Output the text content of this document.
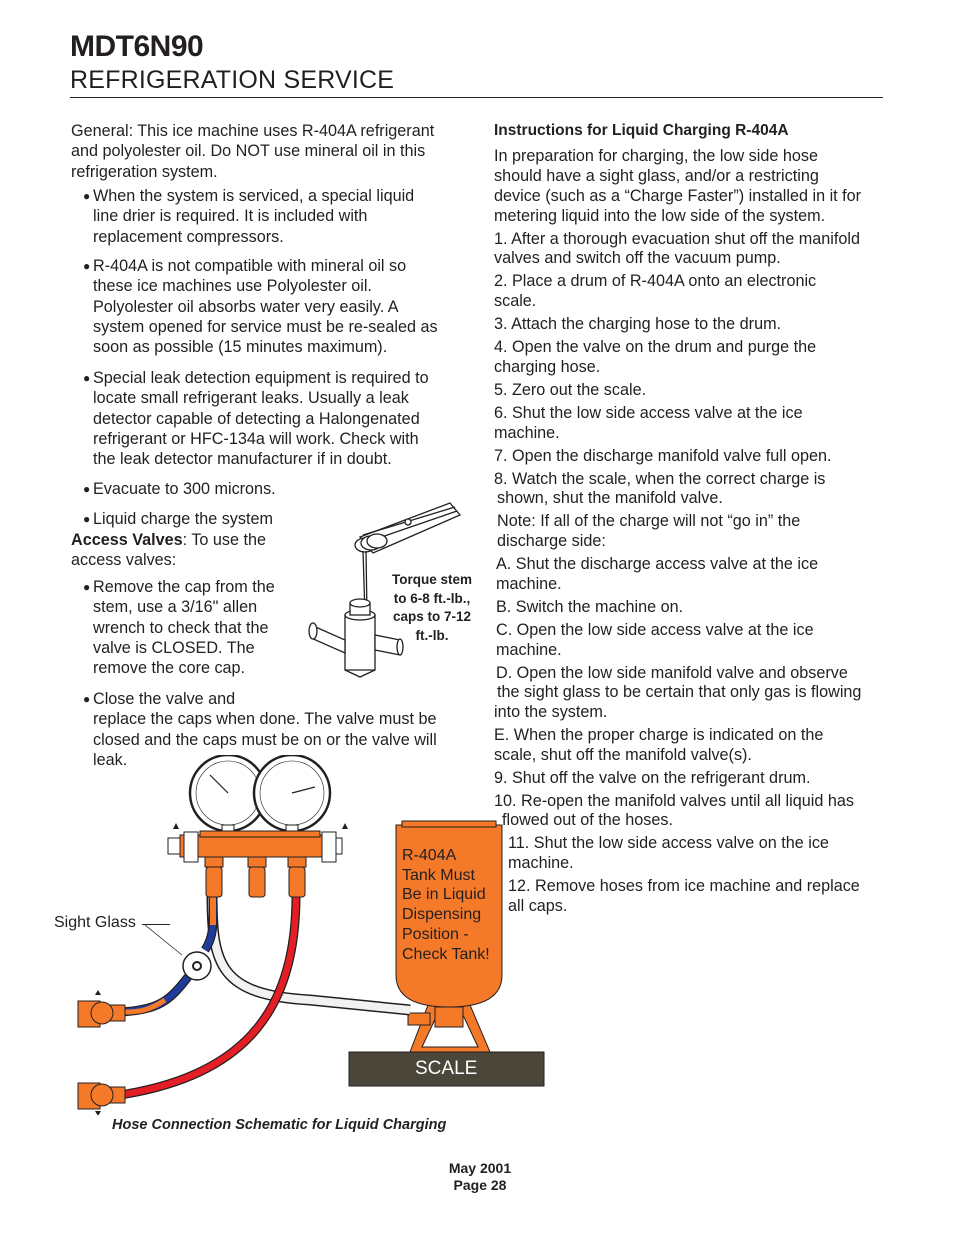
MDT6N90
REFRIGERATION SERVICE
General: This ice machine uses R-404A refrigerant
and polyolester oil. Do NOT use mineral oil in this
refrigeration system.
● When the system is serviced, a special liquid
line drier is required. It is included with
replacement compressors.
● R-404A is not compatible with mineral oil so
these ice machines use Polyolester oil.
Polyolester oil absorbs water very easily. A
system opened for service must be re-sealed as
soon as possible (15 minutes maximum).
● Special leak detection equipment is required to
locate small refrigerant leaks. Usually a leak
detector capable of detecting a Halongenated
refrigerant or HFC-134a will work. Check with
the leak detector manufacturer if in doubt.
● Evacuate to 300 microns.
● Liquid charge the system
Access Valves: To use the
access valves:
● Remove the cap from the
stem, use a 3/16" allen
wrench to check that the
valve is CLOSED. The
remove the core cap.
● Close the valve and
replace the caps when done. The valve must be
closed and the caps must be on or the valve will
leak.
Torque stem
to 6-8 ft.-lb.,
caps to 7-12
ft.-lb.
Instructions for Liquid Charging R-404A
In preparation for charging, the low side hose
should have a sight glass, and/or a restricting
device (such as a “Charge Faster”) installed in it for
metering liquid into the low side of the system.
1. After a thorough evacuation shut off the manifold
valves and switch off the vacuum pump.
2. Place a drum of R-404A onto an electronic
scale.
3. Attach the charging hose to the drum.
4. Open the valve on the drum and purge the
charging hose.
5. Zero out the scale.
6. Shut the low side access valve at the ice
machine.
7. Open the discharge manifold valve full open.
8. Watch the scale, when the correct charge is
shown, shut the manifold valve.
Note: If all of the charge will not “go in” the
discharge side:
A. Shut the discharge access valve at the ice
machine.
B. Switch the machine on.
C. Open the low side access valve at the ice
machine.
D. Open the low side manifold valve and observe
the sight glass to be certain that only gas is flowing
into the system.
E. When the proper charge is indicated on the
scale, shut off the manifold valve(s).
9. Shut off the valve on the refrigerant drum.
10. Re-open the manifold valves until all liquid has
flowed out of the hoses.
11. Shut the low side access valve on the ice
machine.
12. Remove hoses from ice machine and replace
all caps.
Sight Glass
R-404A
Tank Must
Be in Liquid
Dispensing
Position -
Check Tank!
SCALE
Hose Connection Schematic for Liquid Charging
May 2001
Page 28
